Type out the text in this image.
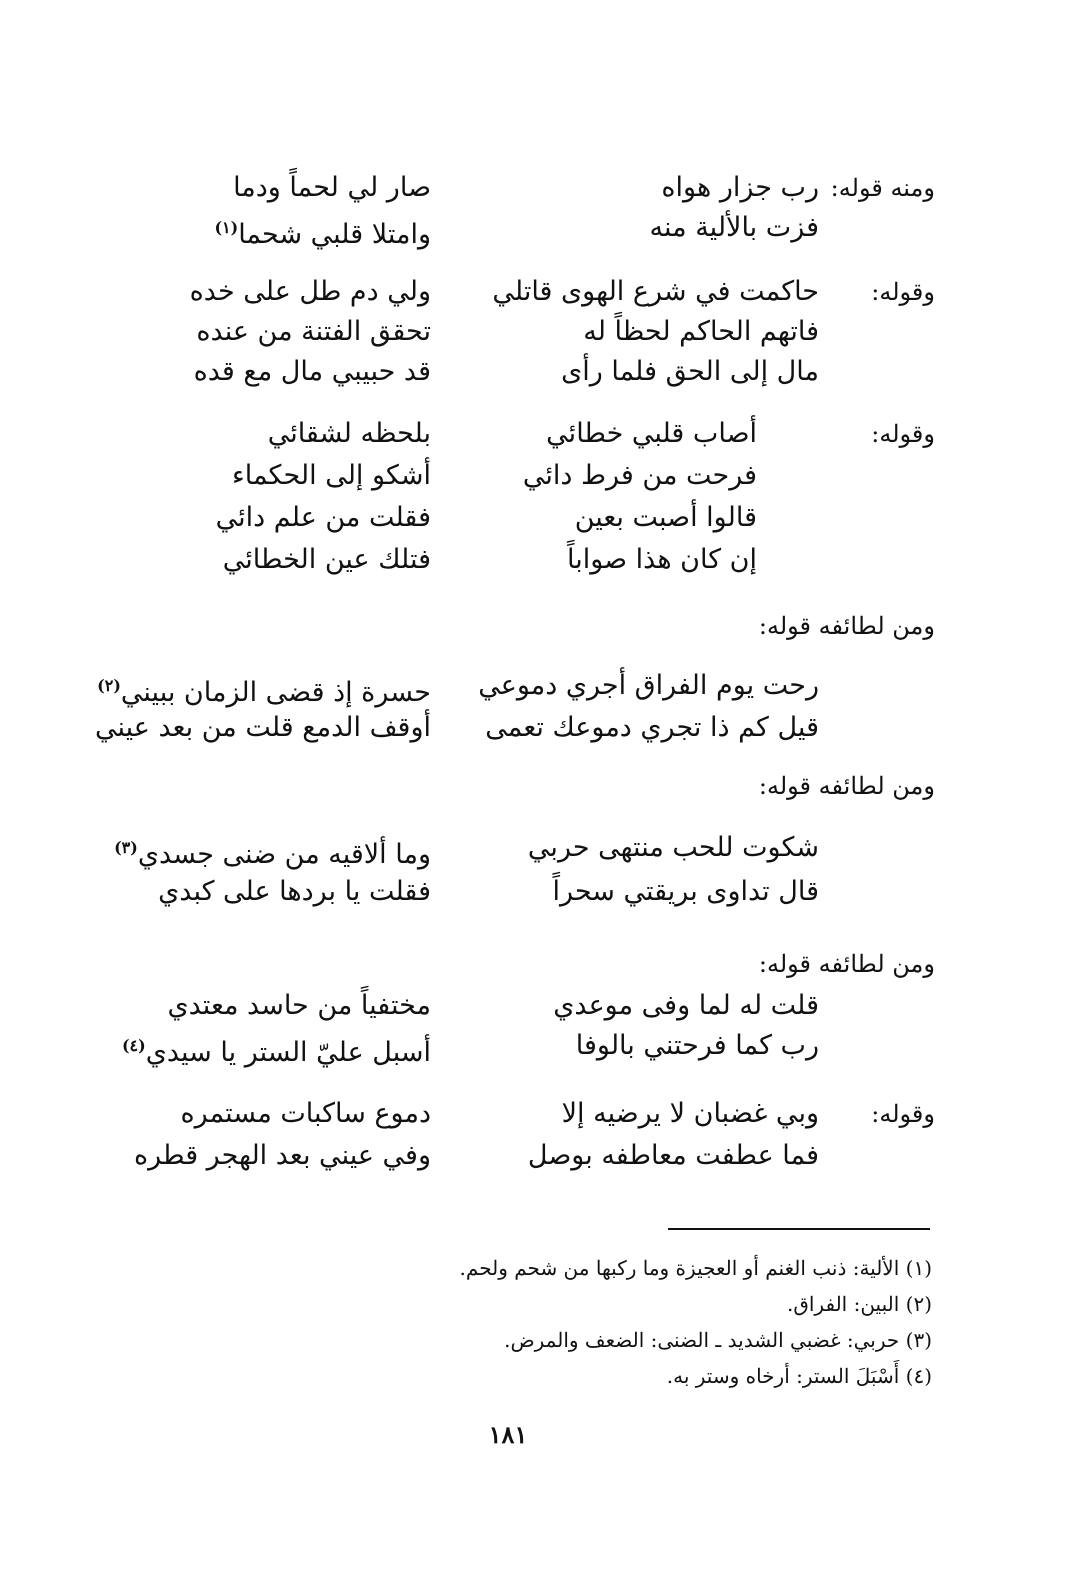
ومنه قوله:
رب جزار هواه
صار لي لحماً ودما
فزت بالألية منه
وامتلا قلبي شحما$^{(١)}$
وقوله:
حاكمت في شرع الهوى قاتلي
ولي دم طل على خده
فاتهم الحاكم لحظاً له
تحقق الفتنة من عنده
مال إلى الحق فلما رأى
قد حبيبي مال مع قده
وقوله:
أصاب قلبي خطائي
بلحظه لشقائي
فرحت من فرط دائي
أشكو إلى الحكماء
قالوا أصبت بعين
فقلت من علم دائي
إن كان هذا صواباً
فتلك عين الخطائي
ومن لطائفه قوله:
رحت يوم الفراق أجري دموعي
حسرة إذ قضى الزمان ببيني$^{(٢)}$
قيل كم ذا تجري دموعك تعمى
أوقف الدمع قلت من بعد عيني
ومن لطائفه قوله:
شكوت للحب منتهى حربي
وما ألاقيه من ضنى جسدي$^{(٣)}$
قال تداوى بريقتي سحراً
فقلت يا بردها على كبدي
ومن لطائفه قوله:
قلت له لما وفى موعدي
مختفياً من حاسد معتدي
رب كما فرحتني بالوفا
أسبل عليّ الستر يا سيدي$^{(٤)}$
وقوله:
وبي غضبان لا يرضيه إلا
دموع ساكبات مستمره
فما عطفت معاطفه بوصل
وفي عيني بعد الهجر قطره
(١) الألية: ذنب الغنم أو العجيزة وما ركبها من شحم ولحم.
(٢) البين: الفراق.
(٣) حربي: غضبي الشديد ـ الضنى: الضعف والمرض.
(٤) أَسْبَلَ الستر: أرخاه وستر به.
١٨١
